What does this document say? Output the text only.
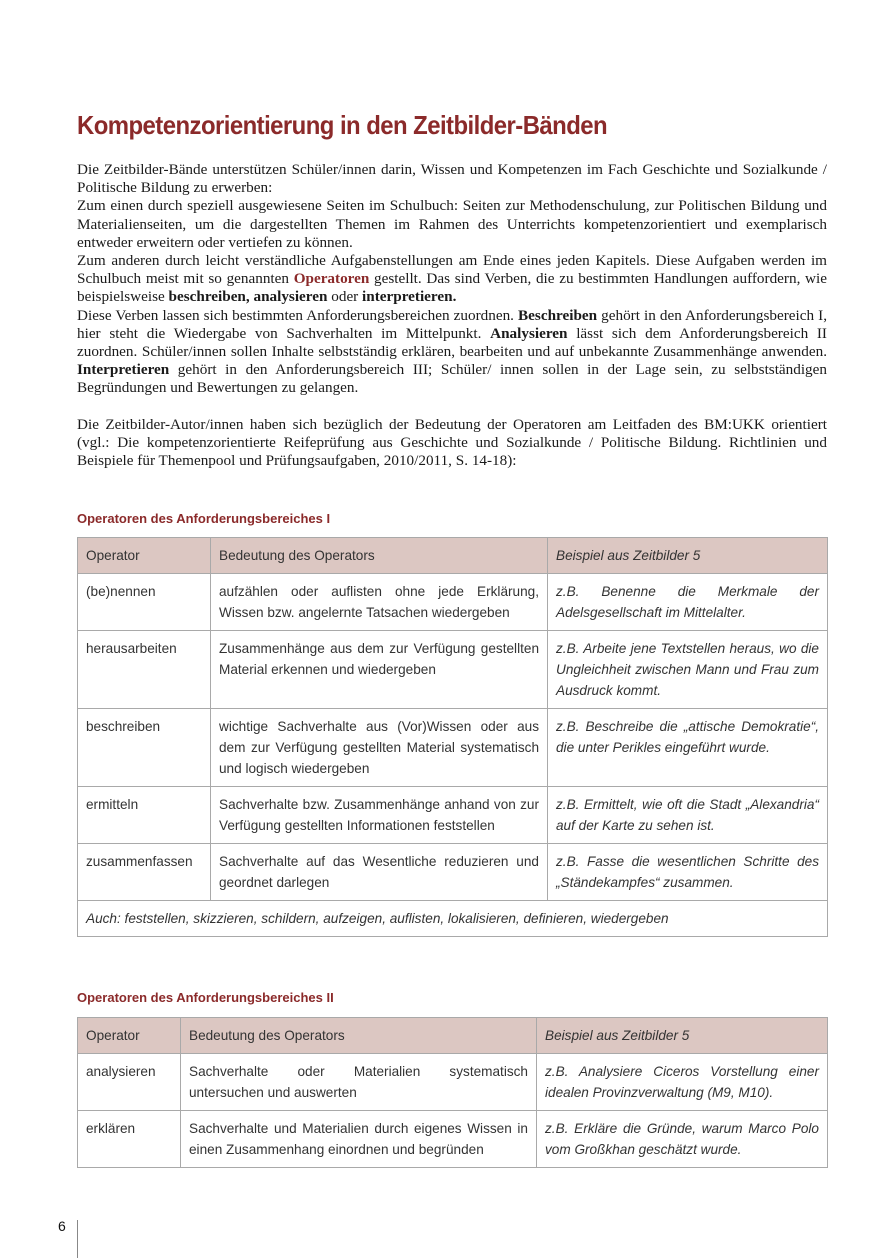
Kompetenzorientierung in den Zeitbilder-Bänden

Die Zeitbilder-Bände unterstützen Schüler/innen darin, Wissen und Kompetenzen im Fach Geschichte und Sozialkunde / Politische Bildung zu erwerben:

Zum einen durch speziell ausgewiesene Seiten im Schulbuch: Seiten zur Methodenschulung, zur Politischen Bildung und Materialienseiten, um die dargestellten Themen im Rahmen des Unterrichts kompetenzorientiert und exemplarisch entweder erweitern oder vertiefen zu können.

Zum anderen durch leicht verständliche Aufgabenstellungen am Ende eines jeden Kapitels. Diese Aufgaben werden im Schulbuch meist mit so genannten Operatoren gestellt. Das sind Verben, die zu bestimmten Handlungen auffordern, wie beispielsweise beschreiben, analysieren oder interpretieren.

Diese Verben lassen sich bestimmten Anforderungsbereichen zuordnen. Beschreiben gehört in den Anforderungsbereich I, hier steht die Wiedergabe von Sachverhalten im Mittelpunkt. Analysieren lässt sich dem Anforderungsbereich II zuordnen. Schüler/innen sollen Inhalte selbstständig erklären, bearbeiten und auf unbekannte Zusammenhänge anwenden. Interpretieren gehört in den Anforderungsbereich III; Schüler/ innen sollen in der Lage sein, zu selbstständigen Begründungen und Bewertungen zu gelangen.

Die Zeitbilder-Autor/innen haben sich bezüglich der Bedeutung der Operatoren am Leitfaden des BM:UKK orientiert (vgl.: Die kompetenzorientierte Reifeprüfung aus Geschichte und Sozialkunde / Politische Bildung. Richtlinien und Beispiele für Themenpool und Prüfungsaufgaben, 2010/2011, S. 14-18):

Operatoren des Anforderungsbereiches I
Operator	Bedeutung des Operators	Beispiel aus Zeitbilder 5
(be)nennen	aufzählen oder auflisten ohne jede Erklärung, Wissen bzw. angelernte Tatsachen wiedergeben	z.B. Benenne die Merkmale der Adelsgesellschaft im Mittelalter.
herausarbeiten	Zusammenhänge aus dem zur Verfügung gestellten Material erkennen und wiedergeben	z.B. Arbeite jene Textstellen heraus, wo die Ungleichheit zwischen Mann und Frau zum Ausdruck kommt.
beschreiben	wichtige Sachverhalte aus (Vor)Wissen oder aus dem zur Verfügung gestellten Material systematisch und logisch wiedergeben	z.B. Beschreibe die „attische Demokratie“, die unter Perikles eingeführt wurde.
ermitteln	Sachverhalte bzw. Zusammenhänge anhand von zur Verfügung gestellten Informationen feststellen	z.B. Ermittelt, wie oft die Stadt „Alexandria“ auf der Karte zu sehen ist.
zusammenfassen	Sachverhalte auf das Wesentliche reduzieren und geordnet darlegen	z.B. Fasse die wesentlichen Schritte des „Ständekampfes“ zusammen.
Auch: feststellen, skizzieren, schildern, aufzeigen, auflisten, lokalisieren, definieren, wiedergeben		
Operatoren des Anforderungsbereiches II
Operator	Bedeutung des Operators	Beispiel aus Zeitbilder 5
analysieren	Sachverhalte oder Materialien systematisch untersuchen und auswerten	z.B. Analysiere Ciceros Vorstellung einer idealen Provinzverwaltung (M9, M10).
erklären	Sachverhalte und Materialien durch eigenes Wissen in einen Zusammenhang einordnen und begründen	z.B. Erkläre die Gründe, warum Marco Polo vom Großkhan geschätzt wurde.
6
